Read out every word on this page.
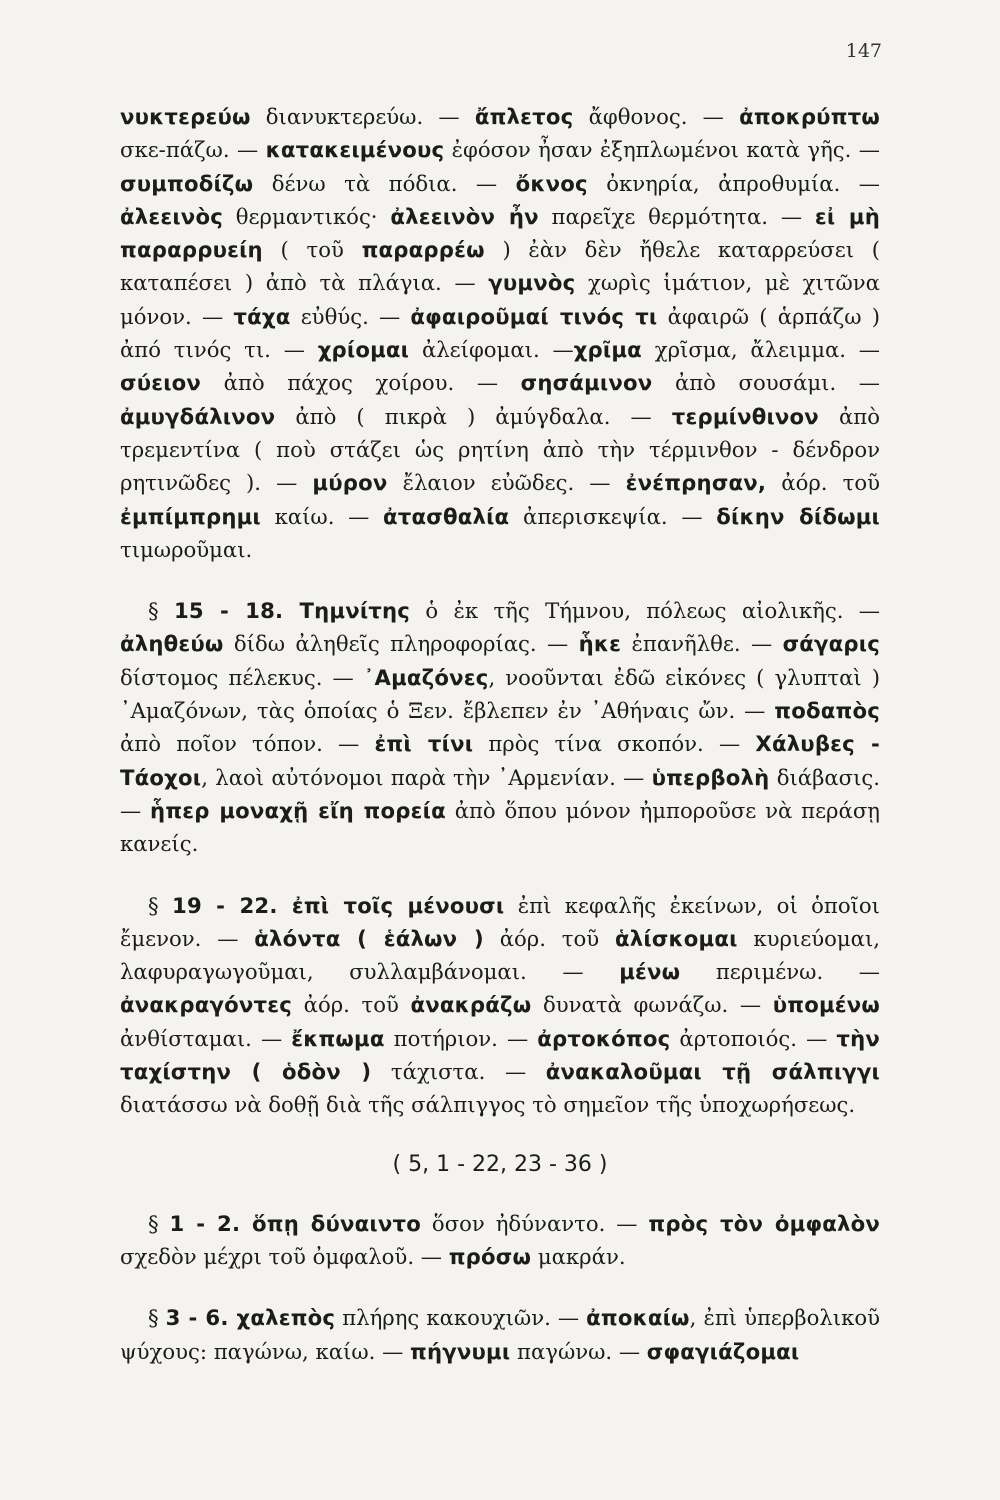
147

νυκτερεύω διανυκτερεύω. — ἄπλετος ἄφθονος. — ἀποκρύπτω σκε-πάζω. — κατακειμένους ἐφόσον ἦσαν ἐξηπλωμένοι κατὰ γῆς. — συμποδίζω δένω τὰ πόδια. — ὄκνος ὀκνηρία, ἀπροθυμία. — ἀλεεινὸς θερμαντικός· ἀλεεινὸν ἦν παρεῖχε θερμότητα. — εἰ μὴ παραρρυείη ( τοῦ παραρρέω ) ἐὰν δὲν ἤθελε καταρρεύσει ( καταπέσει ) ἀπὸ τὰ πλάγια. — γυμνὸς χωρὶς ἱμάτιον, μὲ χιτῶνα μόνον. — τάχα εὐθύς. — ἀφαιροῦμαί τινός τι ἀφαιρῶ ( ἁρπάζω ) ἀπό τινός τι. — χρίομαι ἀλείφομαι. —χρῖμα χρῖσμα, ἄλειμμα. — σύειον ἀπὸ πάχος χοίρου. — σησάμινον ἀπὸ σουσάμι. — ἀμυγδάλινον ἀπὸ ( πικρὰ ) ἀμύγδαλα. — τερμίνθινον ἀπὸ τρεμεντίνα ( ποὺ στάζει ὡς ρητίνη ἀπὸ τὴν τέρμινθον - δένδρον ρητινῶδες ). — μύρον ἔλαιον εὐῶδες. — ἐνέπρησαν, ἀόρ. τοῦ ἐμπίμπρημι καίω. — ἀτασθαλία ἀπερισκεψία. — δίκην δίδωμι τιμωροῦμαι.

§ 15 - 18. Τημνίτης ὁ ἐκ τῆς Τήμνου, πόλεως αἰολικῆς. — ἀληθεύω δίδω ἀληθεῖς πληροφορίας. — ἧκε ἐπανῆλθε. — σάγαρις δίστομος πέλεκυς. — ᾿Αμαζόνες, νοοῦνται ἐδῶ εἰκόνες ( γλυπταὶ ) ᾿Αμαζόνων, τὰς ὁποίας ὁ Ξεν. ἔβλεπεν ἐν ᾿Αθήναις ὤν. — ποδαπὸς ἀπὸ ποῖον τόπον. — ἐπὶ τίνι πρὸς τίνα σκοπόν. — Χάλυβες - Τάοχοι, λαοὶ αὐτόνομοι παρὰ τὴν ᾿Αρμενίαν. — ὑπερβολὴ διάβασις. — ἧπερ μοναχῇ εἴη πορεία ἀπὸ ὅπου μόνον ἠμποροῦσε νὰ περάσῃ κανείς.

§ 19 - 22. ἐπὶ τοῖς μένουσι ἐπὶ κεφαλῆς ἐκείνων, οἱ ὁποῖοι ἔμενον. — ἁλόντα ( ἑάλων ) ἀόρ. τοῦ ἁλίσκομαι κυριεύομαι, λαφυραγωγοῦμαι, συλλαμβάνομαι. — μένω περιμένω. — ἀνακραγόντες ἀόρ. τοῦ ἀνακράζω δυνατὰ φωνάζω. — ὑπομένω ἀνθίσταμαι. — ἔκπωμα ποτήριον. — ἀρτοκόπος ἀρτοποιός. — τὴν ταχίστην ( ὁδὸν ) τάχιστα. — ἀνακαλοῦμαι τῇ σάλπιγγι διατάσσω νὰ δοθῇ διὰ τῆς σάλπιγγος τὸ σημεῖον τῆς ὑποχωρήσεως.

( 5, 1 - 22, 23 - 36 )

§ 1 - 2. ὅπῃ δύναιντο ὅσον ἠδύναντο. — πρὸς τὸν ὀμφαλὸν σχεδὸν μέχρι τοῦ ὀμφαλοῦ. — πρόσω μακράν.

§ 3 - 6. χαλεπὸς πλήρης κακουχιῶν. — ἀποκαίω, ἐπὶ ὑπερβολικοῦ ψύχους: παγώνω, καίω. — πήγνυμι παγώνω. — σφαγιάζομαι
